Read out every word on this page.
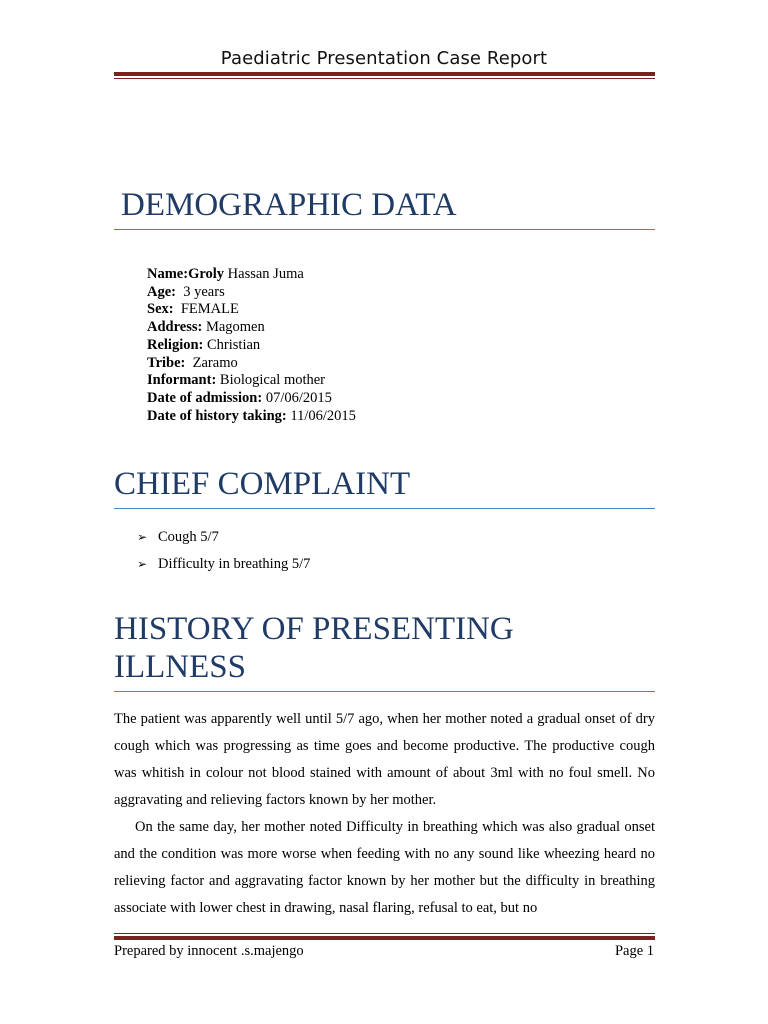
Paediatric Presentation Case Report
DEMOGRAPHIC DATA
Name:Groly Hassan Juma
Age:  3 years
Sex:  FEMALE
Address: Magomen
Religion: Christian
Tribe:  Zaramo
Informant: Biological mother
Date of admission: 07/06/2015
Date of history taking: 11/06/2015
CHIEF COMPLAINT
➢ Cough 5/7
➢ Difficulty in breathing 5/7
HISTORY OF PRESENTING
ILLNESS

The patient was apparently well until 5/7 ago, when her mother noted a gradual onset of dry cough which was progressing as time goes and become productive. The productive cough was whitish in colour not blood stained with amount of about 3ml with no foul smell. No aggravating and relieving factors known by her mother.

On the same day, her mother noted Difficulty in breathing which was also gradual onset and the condition was more worse when feeding with no any sound like wheezing heard no relieving factor and aggravating factor known by her mother but the difficulty in breathing associate with lower chest in drawing, nasal flaring, refusal to eat, but no

Prepared by innocent .s.majengo	Page 1
